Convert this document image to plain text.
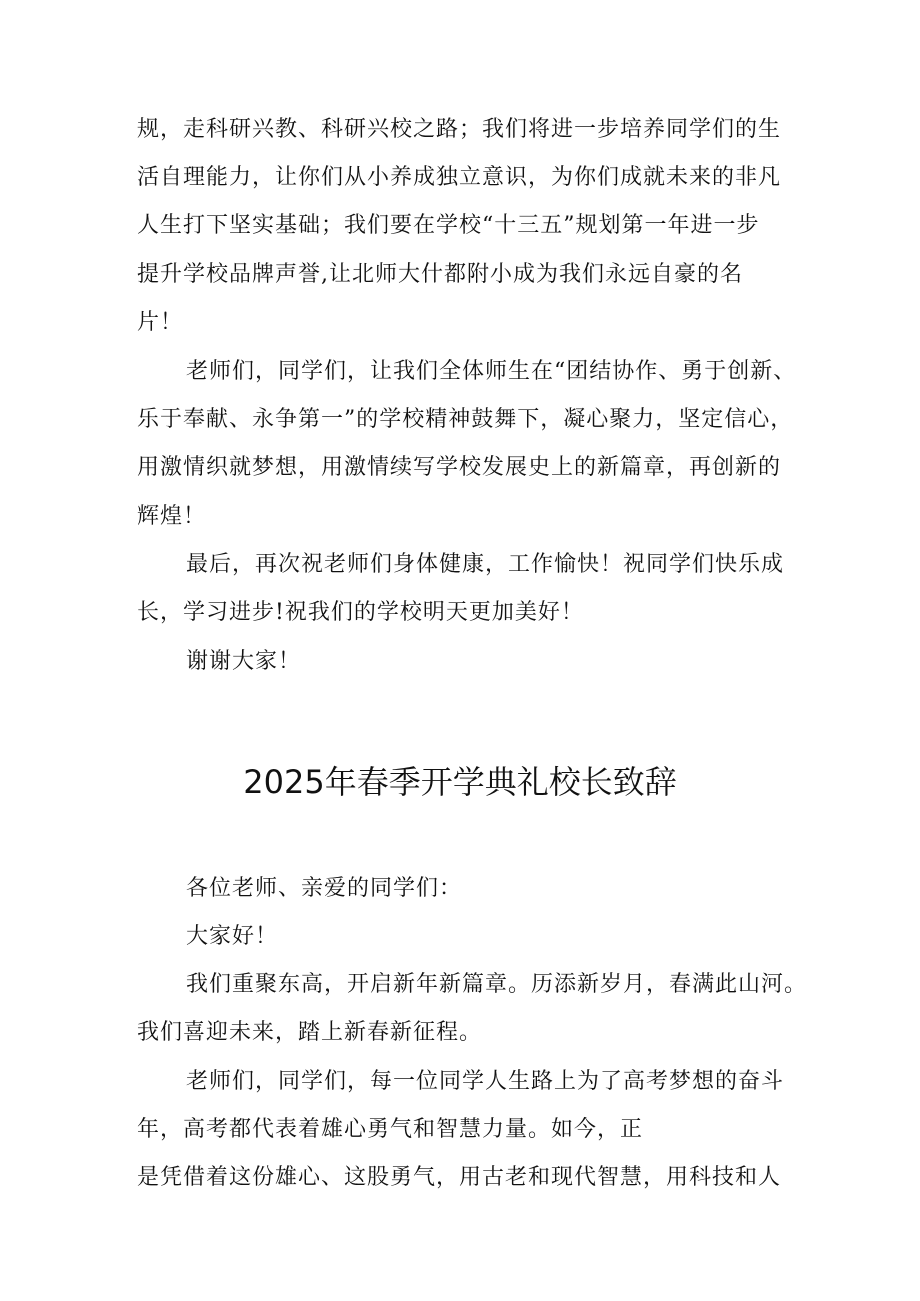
规，走科研兴教、科研兴校之路；我们将进一步培养同学们的生
活自理能力，让你们从小养成独立意识，为你们成就未来的非凡
人生打下坚实基础；我们要在学校“十三五”规划第一年进一步
提升学校品牌声誉,让北师大什都附小成为我们永远自豪的名
片！
老师们，同学们，让我们全体师生在“团结协作、勇于创新、
乐于奉献、永争第一”的学校精神鼓舞下，凝心聚力，坚定信心，
用激情织就梦想，用激情续写学校发展史上的新篇章，再创新的
辉煌！
最后，再次祝老师们身体健康，工作愉快！祝同学们快乐成
长，学习进步!祝我们的学校明天更加美好！
谢谢大家！
2025年春季开学典礼校长致辞
各位老师、亲爱的同学们：
大家好！
我们重聚东高，开启新年新篇章。历添新岁月，春满此山河。
我们喜迎未来，踏上新春新征程。
老师们，同学们，每一位同学人生路上为了高考梦想的奋斗
年，高考都代表着雄心勇气和智慧力量。如今，正
是凭借着这份雄心、这股勇气，用古老和现代智慧，用科技和人
